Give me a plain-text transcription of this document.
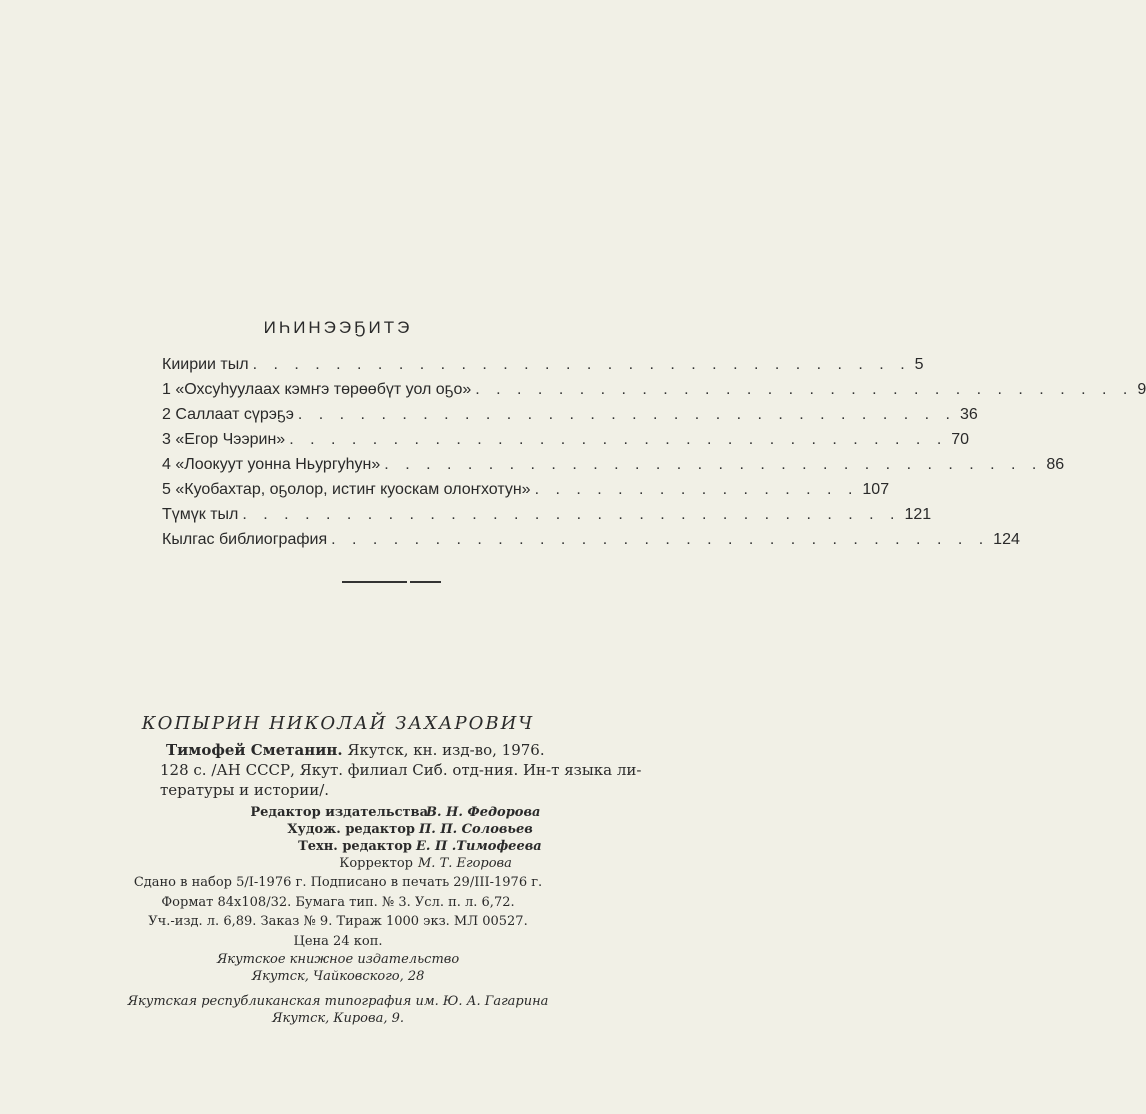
ИҺИНЭЭҔИТЭ
Киирии тыл . . . . . . . . . . . . . . . . . . . . . . . . . . . . . . . . 5
1 «Охсуһуулаах кэмҥэ төрөөбүт уол оҕо» . . . . . . . . . . . . . . . . . . . . . . . . . . . . . . . . 9
2 Саллаат сүрэҕэ . . . . . . . . . . . . . . . . . . . . . . . . . . . . . . . . 36
3 «Егор Чээрин» . . . . . . . . . . . . . . . . . . . . . . . . . . . . . . . . 70
4 «Лоокуут уонна Ньургуһун» . . . . . . . . . . . . . . . . . . . . . . . . . . . . . . . . 86
5 «Куобахтар, оҕолор, истиҥ куоскам олоҥхотун» . . . . . . . . . . . . . . . . 107
Түмүк тыл . . . . . . . . . . . . . . . . . . . . . . . . . . . . . . . . 121
Кылгас библиография . . . . . . . . . . . . . . . . . . . . . . . . . . . . . . . . 124
КОПЫРИН НИКОЛАЙ ЗАХАРОВИЧ
Тимофей Сметанин. Якутск, кн. изд-во, 1976.
128 с. /АН СССР, Якут. филиал Сиб. отд-ния. Ин-т языка ли-
тературы и истории/.
Редактор издательства
В. Н. Федорова
Худож. редактор П. П. Соловьев
Техн. редактор Е. П .Тимофеева
Корректор М. Т. Егорова
Сдано в набор 5/I-1976 г. Подписано в печать 29/III-1976 г.
Формат 84х108/32. Бумага тип. № 3. Усл. п. л. 6,72.
Уч.-изд. л. 6,89. Заказ № 9. Тираж 1000 экз. МЛ 00527.
Цена 24 коп.
Якутское книжное издательство
Якутск, Чайковского, 28
Якутская республиканская типография им. Ю. А. Гагарина
Якутск, Кирова, 9.
